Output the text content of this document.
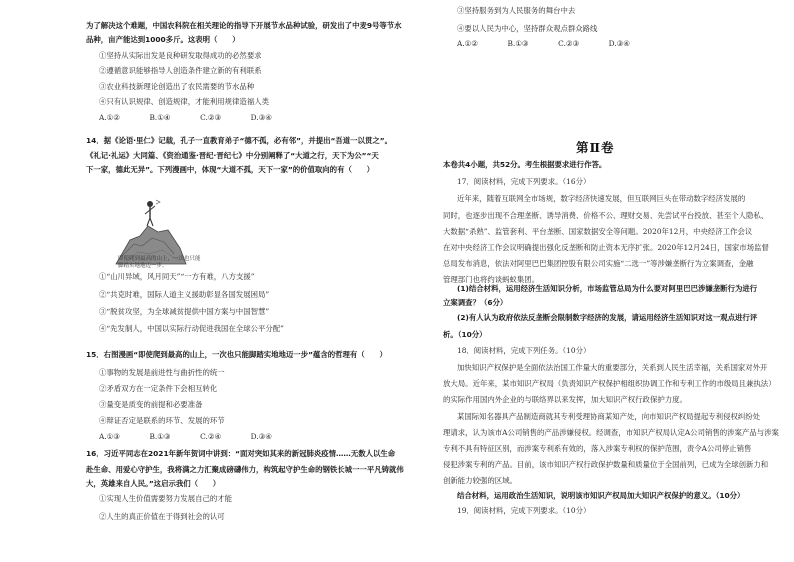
为了解决这个难题，中国农科院在相关理论的指导下开展节水品种试验，研发出了中麦9号等节水
品种，亩产能达到1000多斤。这表明（　　）
①坚持从实际出发是良种研发取得成功的必然要求
②遵循意识能够指导人创造条件建立新的有利联系
③农业科技新理论创造出了农民需要的节水品种
④只有认识规律、创造规律，才能利用规律造福人类
A.①②　　　　B.①④　　　　C.②③　　　　D.③④
14．据《论语·里仁》记载，孔子一直教育弟子“德不孤，必有邻”，并提出“吾道一以贯之”。
《礼记·礼运》大同篇、《资治通鉴·晋纪·晋纪七》中分别阐释了“大道之行，天下为公”“天
下一家，德此无异”。下列漫画中，体现“大道不孤，天下一家”的价值取向的有（　　）
①“山川异域，风月同天”“一方有难，八方支援”
②“共克时难，国际人道主义援助彰显各国发展困局”
③“脱贫攻坚，为全球减贫提供中国方案与中国智慧”
④“先发制人，中国以实际行动促进我国在全球公平分配”
15．右图漫画“即使爬到最高的山上，一次也只能脚踏实地地迈一步”蕴含的哲理有（　　）
①事物的发展是前进性与曲折性的统一
②矛盾双方在一定条件下会相互转化
③量变是质变的前提和必要准备
④辩证否定是联系的环节、发展的环节
A.①③　　　　B.①③　　　　C.②④　　　　D.③④
16．习近平同志在2021年新年贺词中讲到：“面对突如其来的新冠肺炎疫情……无数人以生命
赴生命、用爱心守护生，我将满之力汇聚成磅礴伟力，构筑起守护生命的钢铁长城一一平凡铸就伟
大，英雄来自人民。”这启示我们（　　）
①实现人生价值需要努力发展自己的才能
②人生的真正价值在于得到社会的认可
即使爬到最高的山上，一次也只能
脚踏实地地迈一步。
第Ⅱ卷
③坚持服务到为人民服务的舞台中去
④要以人民为中心，坚持群众观点群众路线
A.①②　　　　B.①③　　　　C.②③　　　　D.③④
本卷共4小题，共52分。考生根据要求进行作答。
17．阅读材料，完成下列要求。（16分）
近年来，随着互联网全市场规，数字经济快速发展，但互联网巨头在带动数字经济发展的
同时，也逐步出现不合理垄断、诱导消费、价格不公、理财交易、先尝试平台投放、甚至个人隐私、
大数据“杀熟”、监管套利、平台垄断、国家数据安全等问题。2020年12月，中央经济工作会议
在对中央经济工作会议明确提出强化反垄断和防止资本无序扩张。2020年12月24日，国家市场监督
总局发布消息，依法对阿里巴巴集团控股有限公司实施“二选一”等涉嫌垄断行为立案调查，金融
管理部门也将约谈蚂蚁集团。
(1)结合材料，运用经济生活知识分析，市场监管总局为什么要对阿里巴巴涉嫌垄断行为进行
立案调查？（6分）
(2)有人认为政府依法反垄断会限制数字经济的发展，请运用经济生活知识对这一观点进行评
析。（10分）
18．阅读材料，完成下列任务。（10分）
加快知识产权保护是全面依法治国工作量大的重要部分，关系到人民生活幸福，关系国家对外开
放大局。近年来，某市知识产权局（负责知识产权保护相组织协调工作和专利工作的市级局且兼执法）
的实际作用国内外企业的与联络界以来发挥，加大知识产权行政保护力度。
某国际知名器具产品制造商就其专利受理协商某知产处，向市知识产权局提起专利侵权纠纷处
理请求，认为该市A公司销售的产品涉嫌侵权。经调查，市知识产权局认定A公司销售的涉案产品与涉案
专利不具有特征区别，而涉案专利系有效的，落入涉案专利权的保护范围，责令A公司停止销售
侵犯涉案专利的产品。目前，该市知识产权行政保护数量和质量位于全国前列，已成为全球创新力和
创新能力较强的区域。
结合材料，运用政治生活知识，说明该市知识产权局加大知识产权保护的意义。（10分）
19．阅读材料，完成下列要求。（10分）
